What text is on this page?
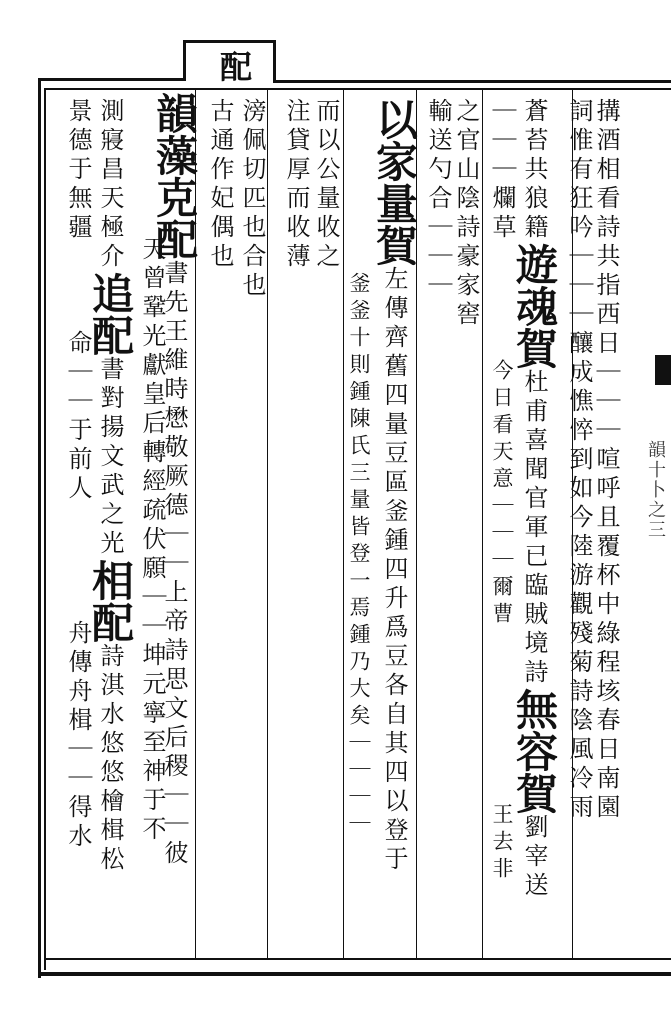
韻十卜之三
配
搆酒相看詩共指西日｜｜｜喧呼且覆杯中綠程垓春日南園
詞惟有狂吟｜｜｜釀成憔悴到如今陸游觀殘菊詩陰風冷雨
蒼苔共狼籍遊魂賀杜甫喜聞官軍已臨賊境詩無容賀劉宰送
｜｜｜爛草　　　　今日看天意｜｜｜爾曹　　　　　　王去非
之官山陰詩豪家窖
輸送勺合｜｜｜
以家量賀左傳齊舊四量豆區釜鍾四升爲豆各自其四以登于
　　　　　　釜釜十則鍾陳氏三量皆登一焉鍾乃大矣｜｜｜｜
而以公量收之
注貸厚而收薄
滂佩切匹也合也
古通作妃偶也
韻藻克配書先王維時懋敬厥德｜｜上帝詩思文后稷｜｜彼
天曾鞏光獻皇后轉經疏伏願｜｜坤元寧至神于不
測寢昌天極介追配書對揚文武之光相配詩淇水悠悠檜楫松
景德于無疆　　　命｜｜于前人　　　　舟傳舟楫｜｜得水
